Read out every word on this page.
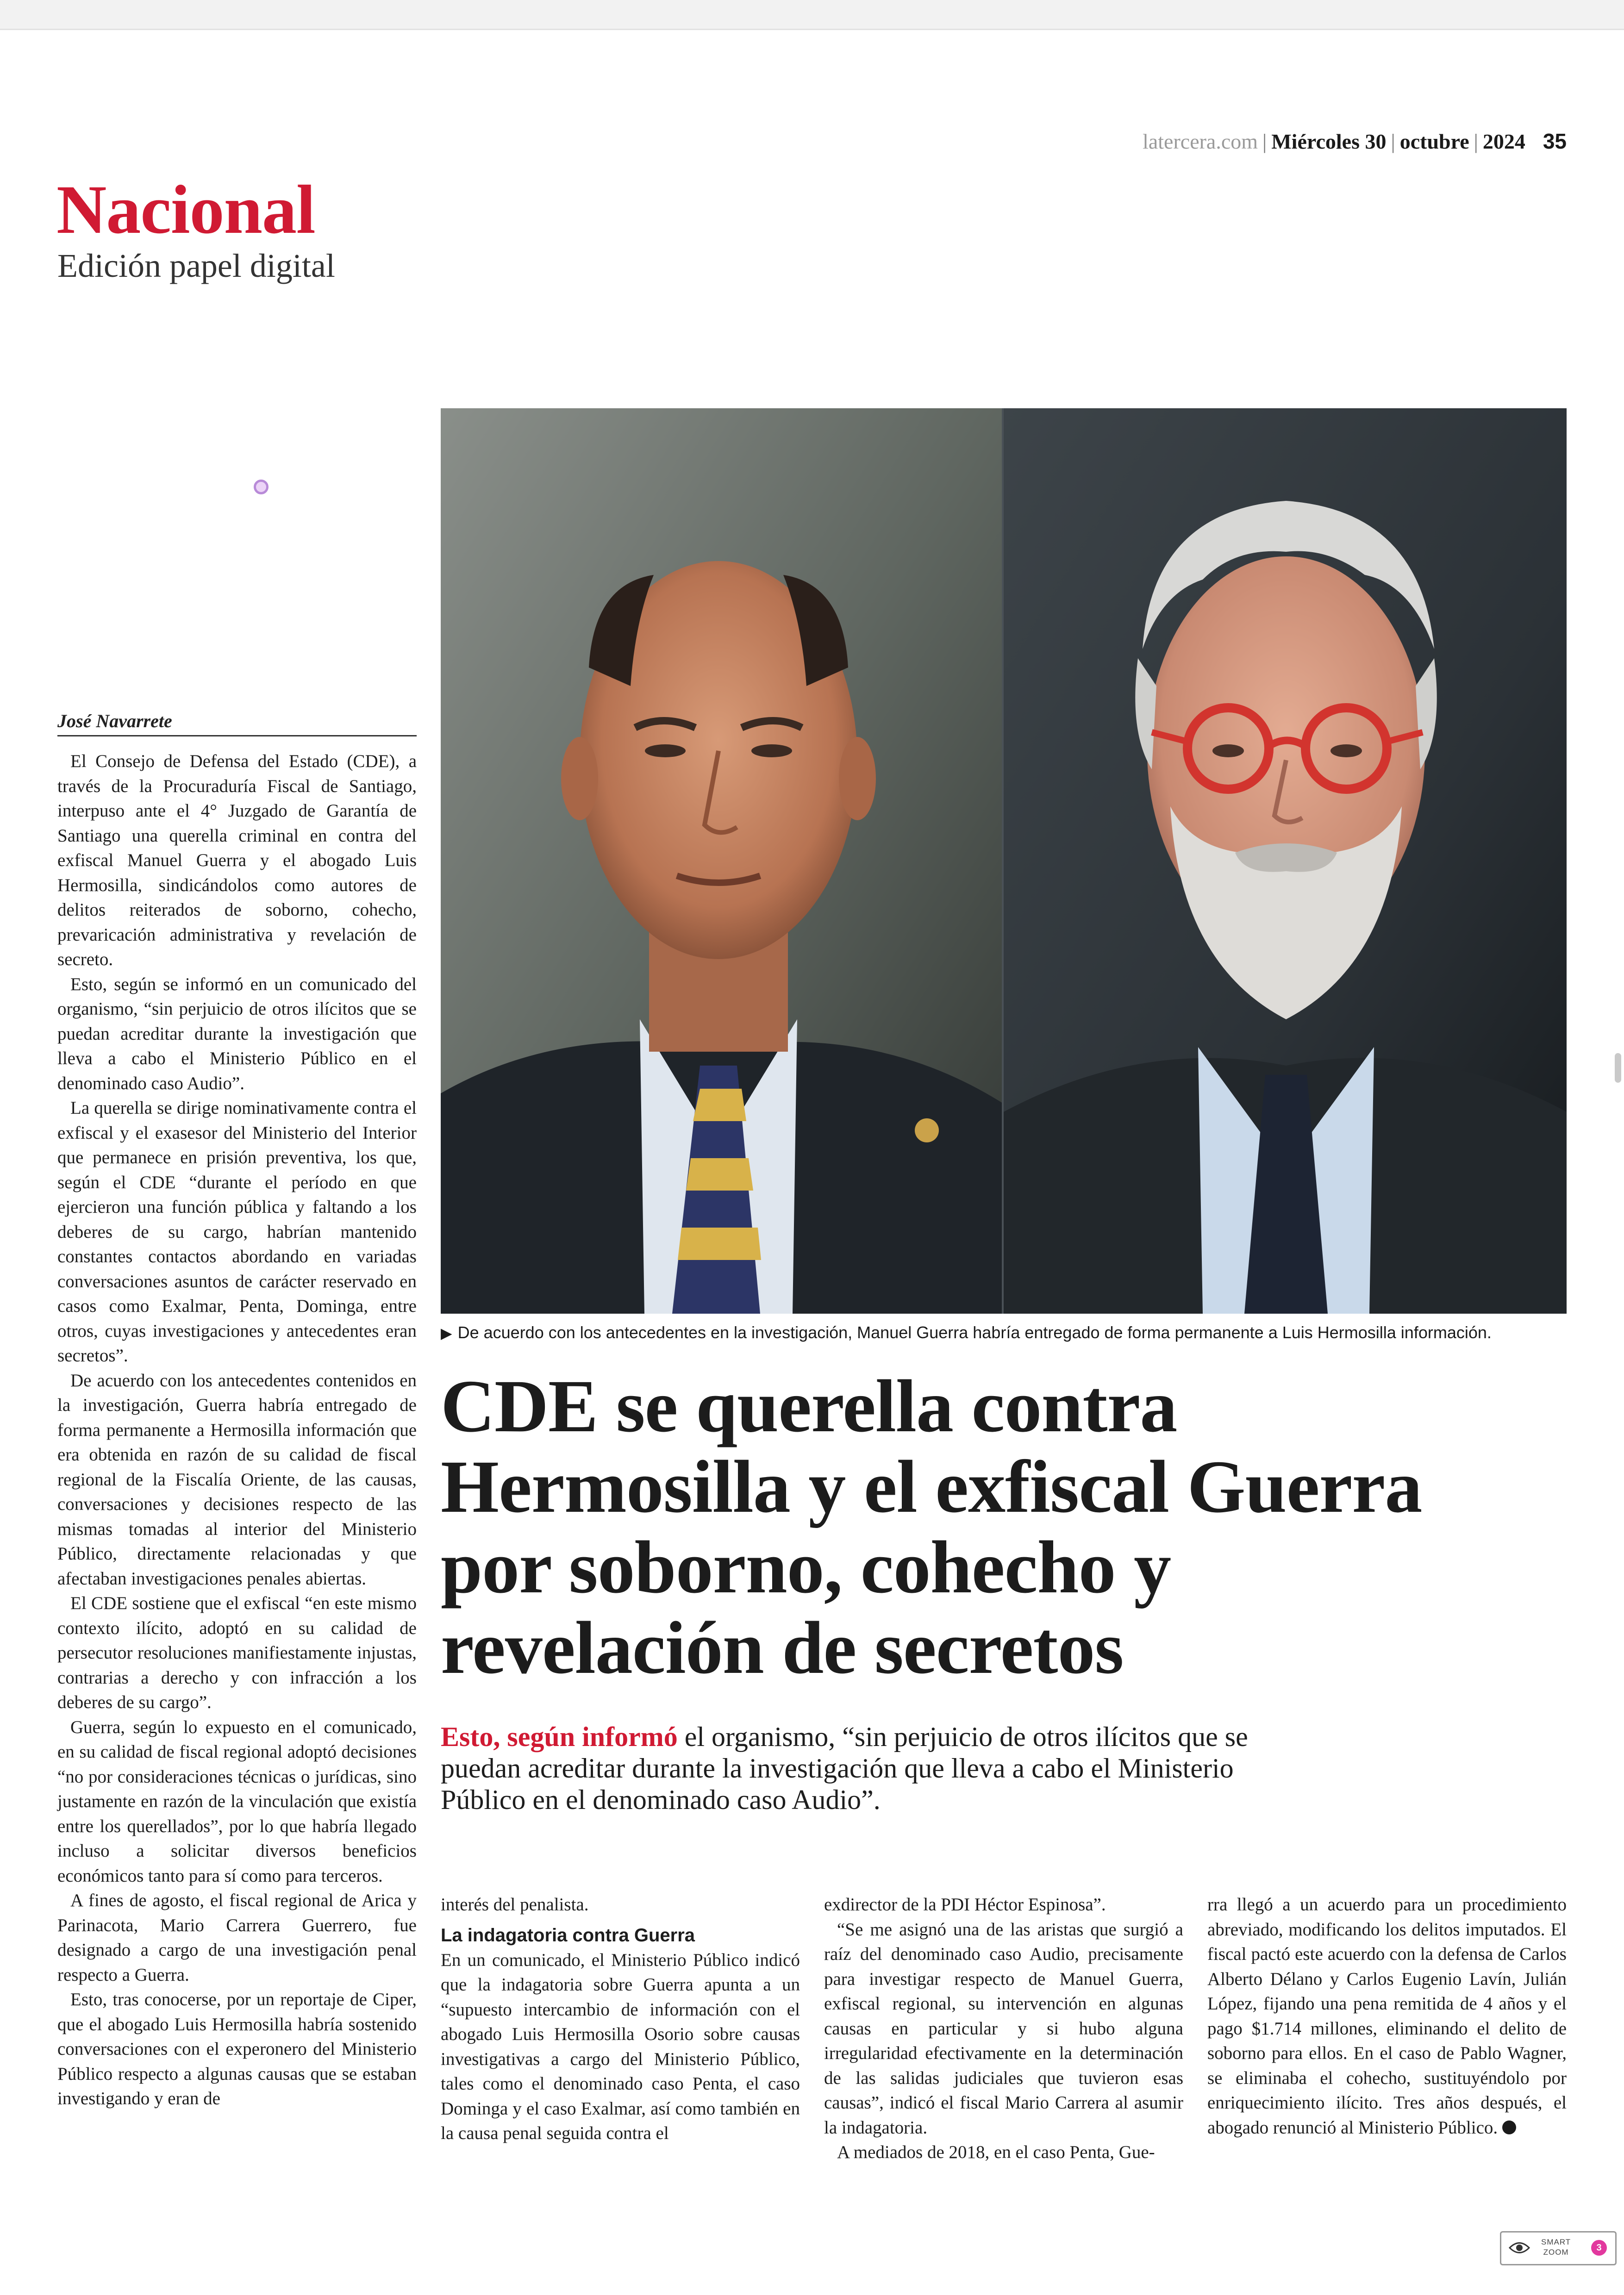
latercera.com | Miércoles 30 | octubre | 2024 35
Nacional
Edición papel digital
José Navarrete

El Consejo de Defensa del Estado (CDE), a través de la Procuraduría Fiscal de Santiago, interpuso ante el 4° Juzgado de Garantía de Santiago una querella criminal en contra del exfiscal Manuel Guerra y el abogado Luis Hermosilla, sindicándolos como autores de delitos reiterados de soborno, cohecho, prevaricación administrativa y revelación de secreto.

Esto, según se informó en un comunicado del organismo, “sin perjuicio de otros ilícitos que se puedan acreditar durante la investigación que lleva a cabo el Ministerio Público en el denominado caso Audio”.

La querella se dirige nominativamente contra el exfiscal y el exasesor del Ministerio del Interior que permanece en prisión preventiva, los que, según el CDE “durante el período en que ejercieron una función pública y faltando a los deberes de su cargo, habrían mantenido constantes contactos abordando en variadas conversaciones asuntos de carácter reservado en casos como Exalmar, Penta, Dominga, entre otros, cuyas investigaciones y antecedentes eran secretos”.

De acuerdo con los antecedentes contenidos en la investigación, Guerra habría entregado de forma permanente a Hermosilla información que era obtenida en razón de su calidad de fiscal regional de la Fiscalía Oriente, de las causas, conversaciones y decisiones respecto de las mismas tomadas al interior del Ministerio Público, directamente relacionadas y que afectaban investigaciones penales abiertas.

El CDE sostiene que el exfiscal “en este mismo contexto ilícito, adoptó en su calidad de persecutor resoluciones manifiestamente injustas, contrarias a derecho y con infracción a los deberes de su cargo”.

Guerra, según lo expuesto en el comunicado, en su calidad de fiscal regional adoptó decisiones “no por consideraciones técnicas o jurídicas, sino justamente en razón de la vinculación que existía entre los querellados”, por lo que habría llegado incluso a solicitar diversos beneficios económicos tanto para sí como para terceros.

A fines de agosto, el fiscal regional de Arica y Parinacota, Mario Carrera Guerrero, fue designado a cargo de una investigación penal respecto a Guerra.

Esto, tras conocerse, por un reportaje de Ciper, que el abogado Luis Hermosilla habría sostenido conversaciones con el experonero del Ministerio Público respecto a algunas causas que se estaban investigando y eran de

▶ De acuerdo con los antecedentes en la investigación, Manuel Guerra habría entregado de forma permanente a Luis Hermosilla información.
CDE se querella contra Hermosilla y el exfiscal Guerra por soborno, cohecho y revelación de secretos
Esto, según informó el organismo, “sin perjuicio de otros ilícitos que se puedan acreditar durante la investigación que lleva a cabo el Ministerio Público en el denominado caso Audio”.

interés del penalista.

La indagatoria contra Guerra

En un comunicado, el Ministerio Público indicó que la indagatoria sobre Guerra apunta a un “supuesto intercambio de información con el abogado Luis Hermosilla Osorio sobre causas investigativas a cargo del Ministerio Público, tales como el denominado caso Penta, el caso Dominga y el caso Exalmar, así como también en la causa penal seguida contra el

exdirector de la PDI Héctor Espinosa”.

“Se me asignó una de las aristas que surgió a raíz del denominado caso Audio, precisamente para investigar respecto de Manuel Guerra, exfiscal regional, su intervención en algunas causas en particular y si hubo alguna irregularidad efectivamente en la determinación de las salidas judiciales que tuvieron esas causas”, indicó el fiscal Mario Carrera al asumir la indagatoria.

A mediados de 2018, en el caso Penta, Gue-

rra llegó a un acuerdo para un procedimiento abreviado, modificando los delitos imputados. El fiscal pactó este acuerdo con la defensa de Carlos Alberto Délano y Carlos Eugenio Lavín, Julián López, fijando una pena remitida de 4 años y el pago $1.714 millones, eliminando el delito de soborno para ellos. En el caso de Pablo Wagner, se eliminaba el cohecho, sustituyéndolo por enriquecimiento ilícito. Tres años después, el abogado renunció al Ministerio Público.

SMART
ZOOM	3
